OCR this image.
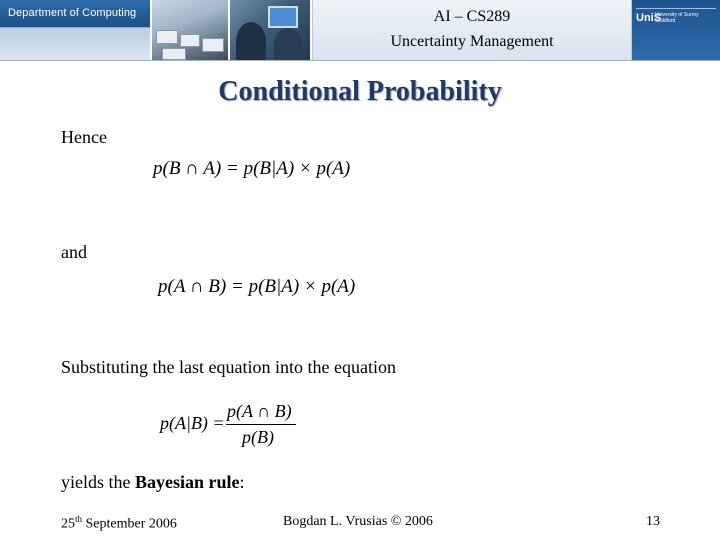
Department of Computing	AI – CS289
Uncertainty Management
UniS
University of Surrey
Guildford
Conditional Probability
Hence
p(B ∩ A) = p(B|A) × p(A)
and
p(A ∩ B) = p(B|A) × p(A)
Substituting the last equation into the equation
p(A|B) =
p(A ∩ B)
p(B)
yields the Bayesian rule:
25th September 2006	Bogdan L. Vrusias © 2006	13
